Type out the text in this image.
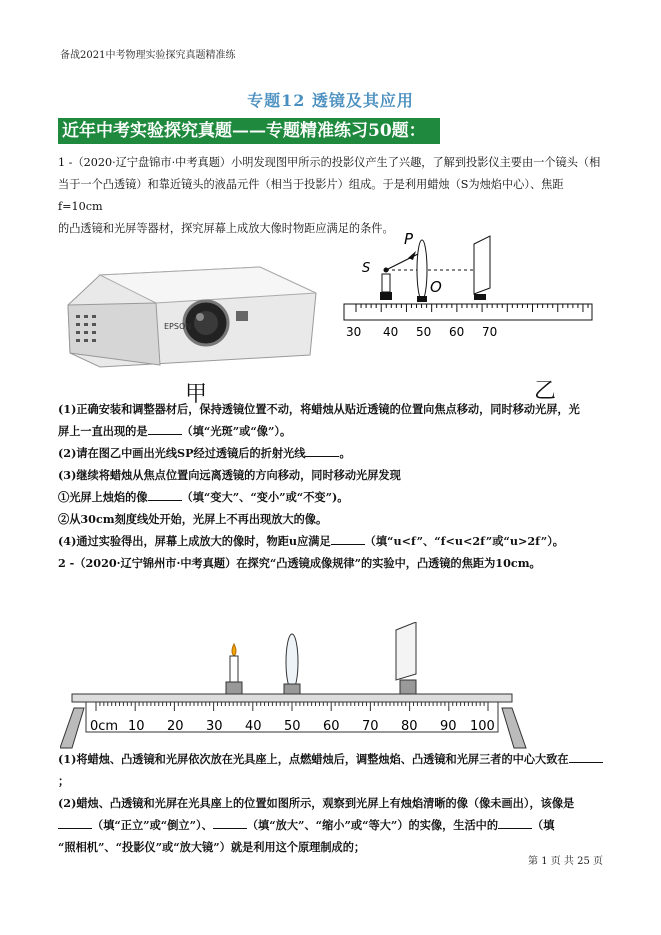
备战2021中考物理实验探究真题精准练
专题12 透镜及其应用
近年中考实验探究真题——专题精准练习50题：
1 -（2020·辽宁盘锦市·中考真题）小明发现图甲所示的投影仪产生了兴趣，了解到投影仪主要由一个镜头（相
当于一个凸透镜）和靠近镜头的液晶元件（相当于投影片）组成。于是利用蜡烛（S为烛焰中心）、焦距f=10cm
的凸透镜和光屏等器材，探究屏幕上成放大像时物距应满足的条件。
EPSON
甲
S
P
O
30 40 50 60 70
乙
(1)正确安装和调整器材后，保持透镜位置不动，将蜡烛从贴近透镜的位置向焦点移动，同时移动光屏，光
屏上一直出现的是	（填“光斑”或“像”）。
(2)请在图乙中画出光线SP经过透镜后的折射光线	。
(3)继续将蜡烛从焦点位置向远离透镜的方向移动，同时移动光屏发现
①光屏上烛焰的像	（填“变大”、“变小”或“不变”)。
②从30cm刻度线处开始，光屏上不再出现放大的像。
(4)通过实验得出，屏幕上成放大的像时，物距u应满足	（填“u<f”、“f<u<2f”或“u>2f”）。
2 -（2020·辽宁锦州市·中考真题）在探究“凸透镜成像规律”的实验中，凸透镜的焦距为10cm。
0cm 10 20 30 40 50 60 70 80 90 100
(1)将蜡烛、凸透镜和光屏依次放在光具座上，点燃蜡烛后，调整烛焰、凸透镜和光屏三者的中心大致在；
(2)蜡烛、凸透镜和光屏在光具座上的位置如图所示，观察到光屏上有烛焰清晰的像（像未画出），该像是
（填“正立”或“倒立”）、	（填“放大”、“缩小”或“等大”）的实像，生活中的	（填
“照相机”、“投影仪”或“放大镜”）就是利用这个原理制成的；
第 1 页 共 25 页
